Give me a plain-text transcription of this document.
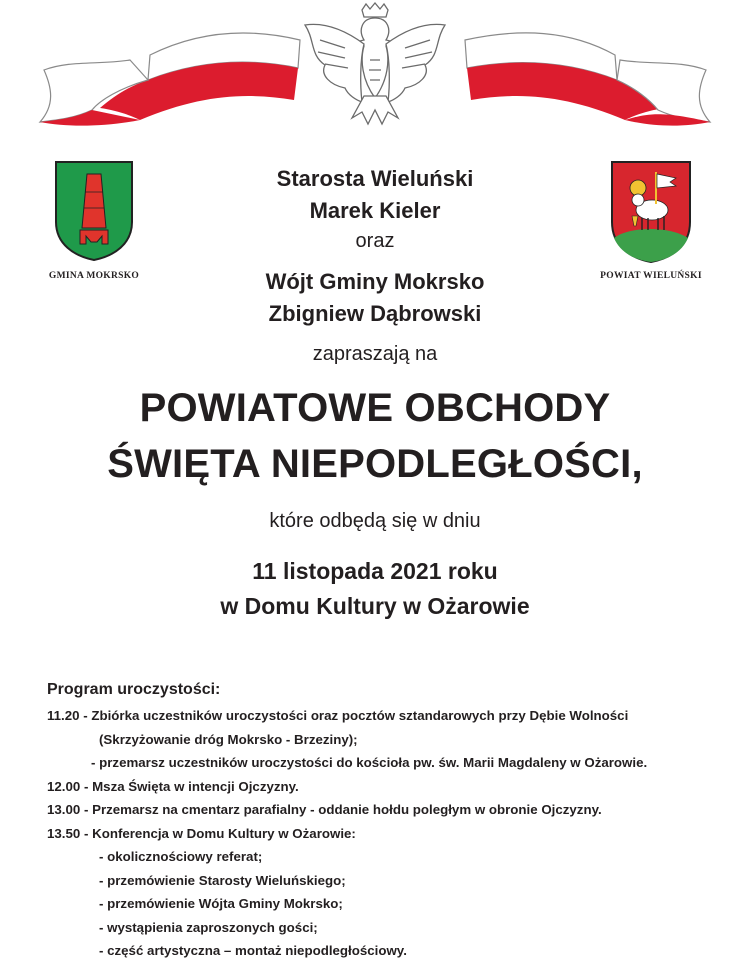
GMINA MOKRSKO	POWIAT WIELUŃSKI
Starosta Wieluński
Marek Kieler
oraz
Wójt Gminy Mokrsko
Zbigniew Dąbrowski
zapraszają na
POWIATOWE OBCHODY
ŚWIĘTA NIEPODLEGŁOŚCI,
które odbędą się w dniu
11 listopada 2021 roku
w Domu Kultury w Ożarowie
Program uroczystości:
11.20 - Zbiórka uczestników uroczystości oraz pocztów sztandarowych przy Dębie Wolności
(Skrzyżowanie dróg Mokrsko - Brzeziny);
- przemarsz uczestników uroczystości do kościoła pw. św. Marii Magdaleny w Ożarowie.
12.00 - Msza Święta w intencji Ojczyzny.
13.00 - Przemarsz na cmentarz parafialny - oddanie hołdu poległym w obronie Ojczyzny.
13.50 - Konferencja w Domu Kultury w Ożarowie:
- okolicznościowy referat;
- przemówienie Starosty Wieluńskiego;
- przemówienie Wójta Gminy Mokrsko;
- wystąpienia zaproszonych gości;
- część artystyczna – montaż niepodległościowy.
